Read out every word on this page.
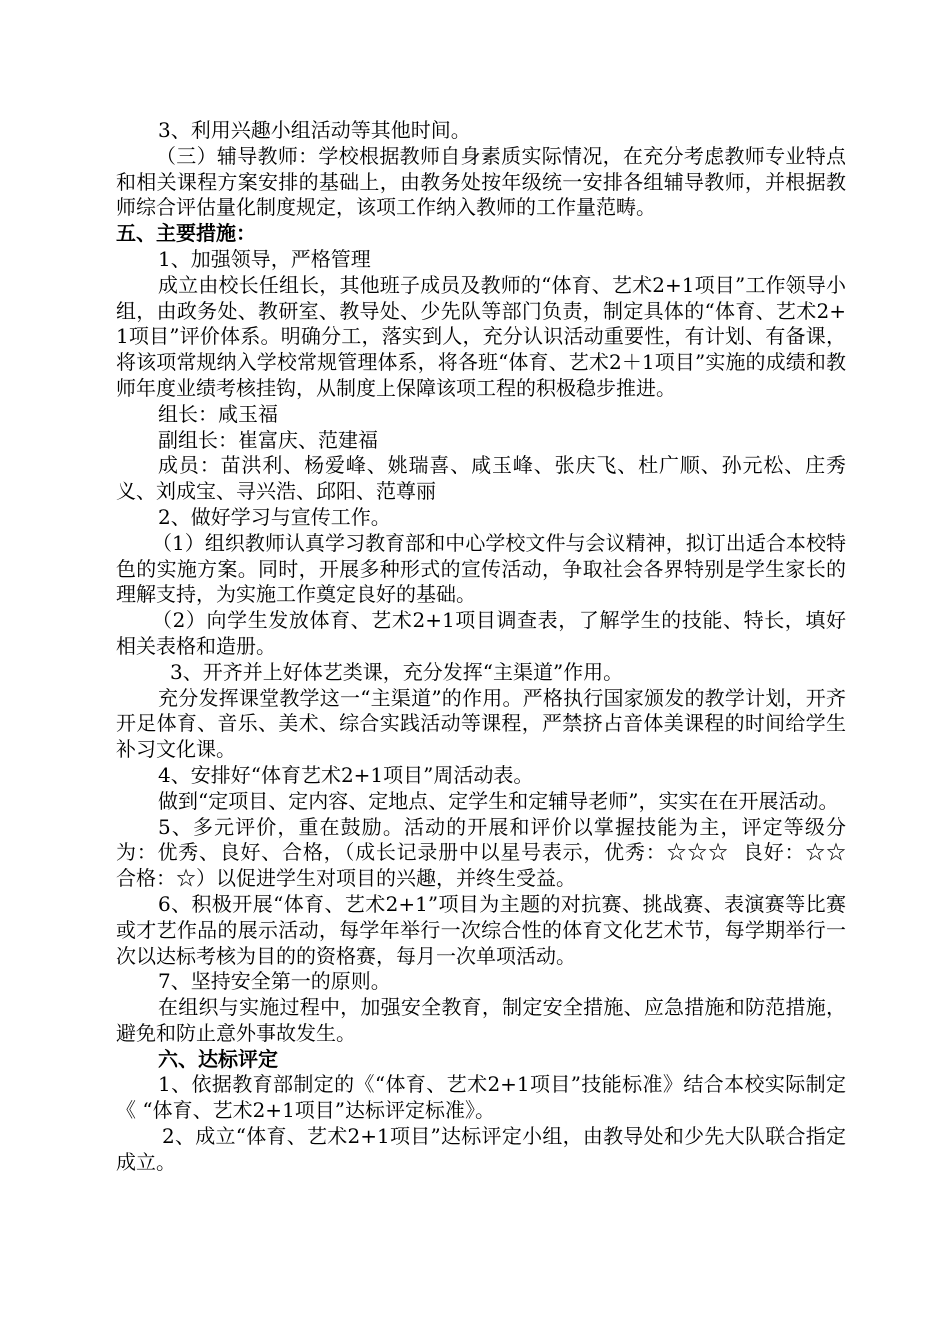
3、利用兴趣小组活动等其他时间。

（三）辅导教师：学校根据教师自身素质实际情况，在充分考虑教师专业特点和相关课程方案安排的基础上，由教务处按年级统一安排各组辅导教师，并根据教师综合评估量化制度规定，该项工作纳入教师的工作量范畴。

五、主要措施：

1、加强领导，严格管理

成立由校长任组长，其他班子成员及教师的“体育、艺术2+1项目”工作领导小组，由政务处、教研室、教导处、少先队等部门负责，制定具体的“体育、艺术2+1项目”评价体系。明确分工，落实到人，充分认识活动重要性，有计划、有备课，将该项常规纳入学校常规管理体系，将各班“体育、艺术2＋1项目”实施的成绩和教师年度业绩考核挂钩，从制度上保障该项工程的积极稳步推进。

组长：咸玉福

副组长：崔富庆、范建福

成员：苗洪利、杨爱峰、姚瑞喜、咸玉峰、张庆飞、杜广顺、孙元松、庄秀义、刘成宝、寻兴浩、邱阳、范尊丽

2、做好学习与宣传工作。

（1）组织教师认真学习教育部和中心学校文件与会议精神，拟订出适合本校特色的实施方案。同时，开展多种形式的宣传活动，争取社会各界特别是学生家长的理解支持，为实施工作奠定良好的基础。

（2）向学生发放体育、艺术2+1项目调查表，了解学生的技能、特长，填好相关表格和造册。

3、开齐并上好体艺类课，充分发挥“主渠道”作用。

充分发挥课堂教学这一“主渠道”的作用。严格执行国家颁发的教学计划，开齐开足体育、音乐、美术、综合实践活动等课程，严禁挤占音体美课程的时间给学生补习文化课。

4、安排好“体育艺术2+1项目”周活动表。

做到“定项目、定内容、定地点、定学生和定辅导老师”，实实在在开展活动。

5、多元评价，重在鼓励。活动的开展和评价以掌握技能为主，评定等级分为：优秀、良好、合格，（成长记录册中以星号表示，优秀：☆☆☆  良好：☆☆  合格：☆）以促进学生对项目的兴趣，并终生受益。

6、积极开展“体育、艺术2+1”项目为主题的对抗赛、挑战赛、表演赛等比赛或才艺作品的展示活动，每学年举行一次综合性的体育文化艺术节，每学期举行一次以达标考核为目的的资格赛，每月一次单项活动。

7、坚持安全第一的原则。

在组织与实施过程中，加强安全教育，制定安全措施、应急措施和防范措施，避免和防止意外事故发生。

六、达标评定

1、依据教育部制定的《“体育、艺术2+1项目”技能标准》结合本校实际制定《 “体育、艺术2+1项目”达标评定标准》。

2、成立“体育、艺术2+1项目”达标评定小组，由教导处和少先大队联合指定成立。
